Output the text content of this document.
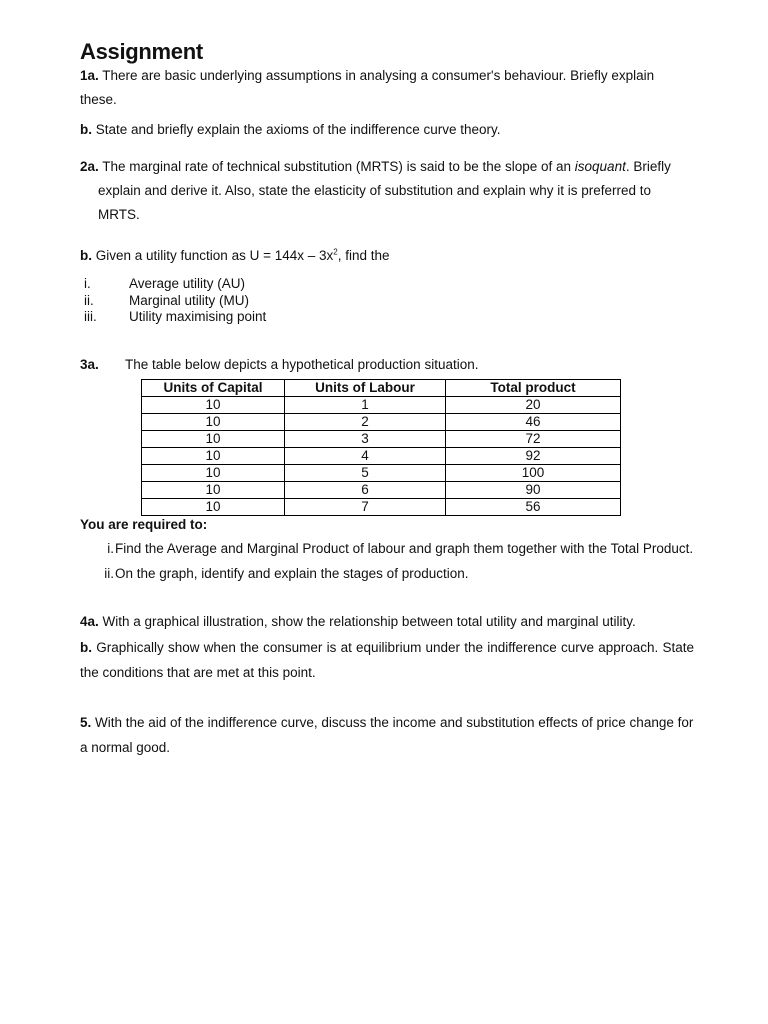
Assignment

1a. There are basic underlying assumptions in analysing a consumer's behaviour. Briefly explain these.

b. State and briefly explain the axioms of the indifference curve theory.

2a. The marginal rate of technical substitution (MRTS) is said to be the slope of an isoquant. Briefly explain and derive it. Also, state the elasticity of substitution and explain why it is preferred to MRTS.

b. Given a utility function as $U = 144x - 3x^2$, find the

i.	Average utility (AU)
ii.	Marginal utility (MU)
iii.	Utility maximising point

3a. The table below depicts a hypothetical production situation.

Units of Capital	Units of Labour	Total product
10	1	20
10	2	46
10	3	72
10	4	92
10	5	100
10	6	90
10	7	56

You are required to:

i. Find the Average and Marginal Product of labour and graph them together with the Total Product.
ii. On the graph, identify and explain the stages of production.

4a. With a graphical illustration, show the relationship between total utility and marginal utility.

b. Graphically show when the consumer is at equilibrium under the indifference curve approach. State the conditions that are met at this point.

5. With the aid of the indifference curve, discuss the income and substitution effects of price change for a normal good.
